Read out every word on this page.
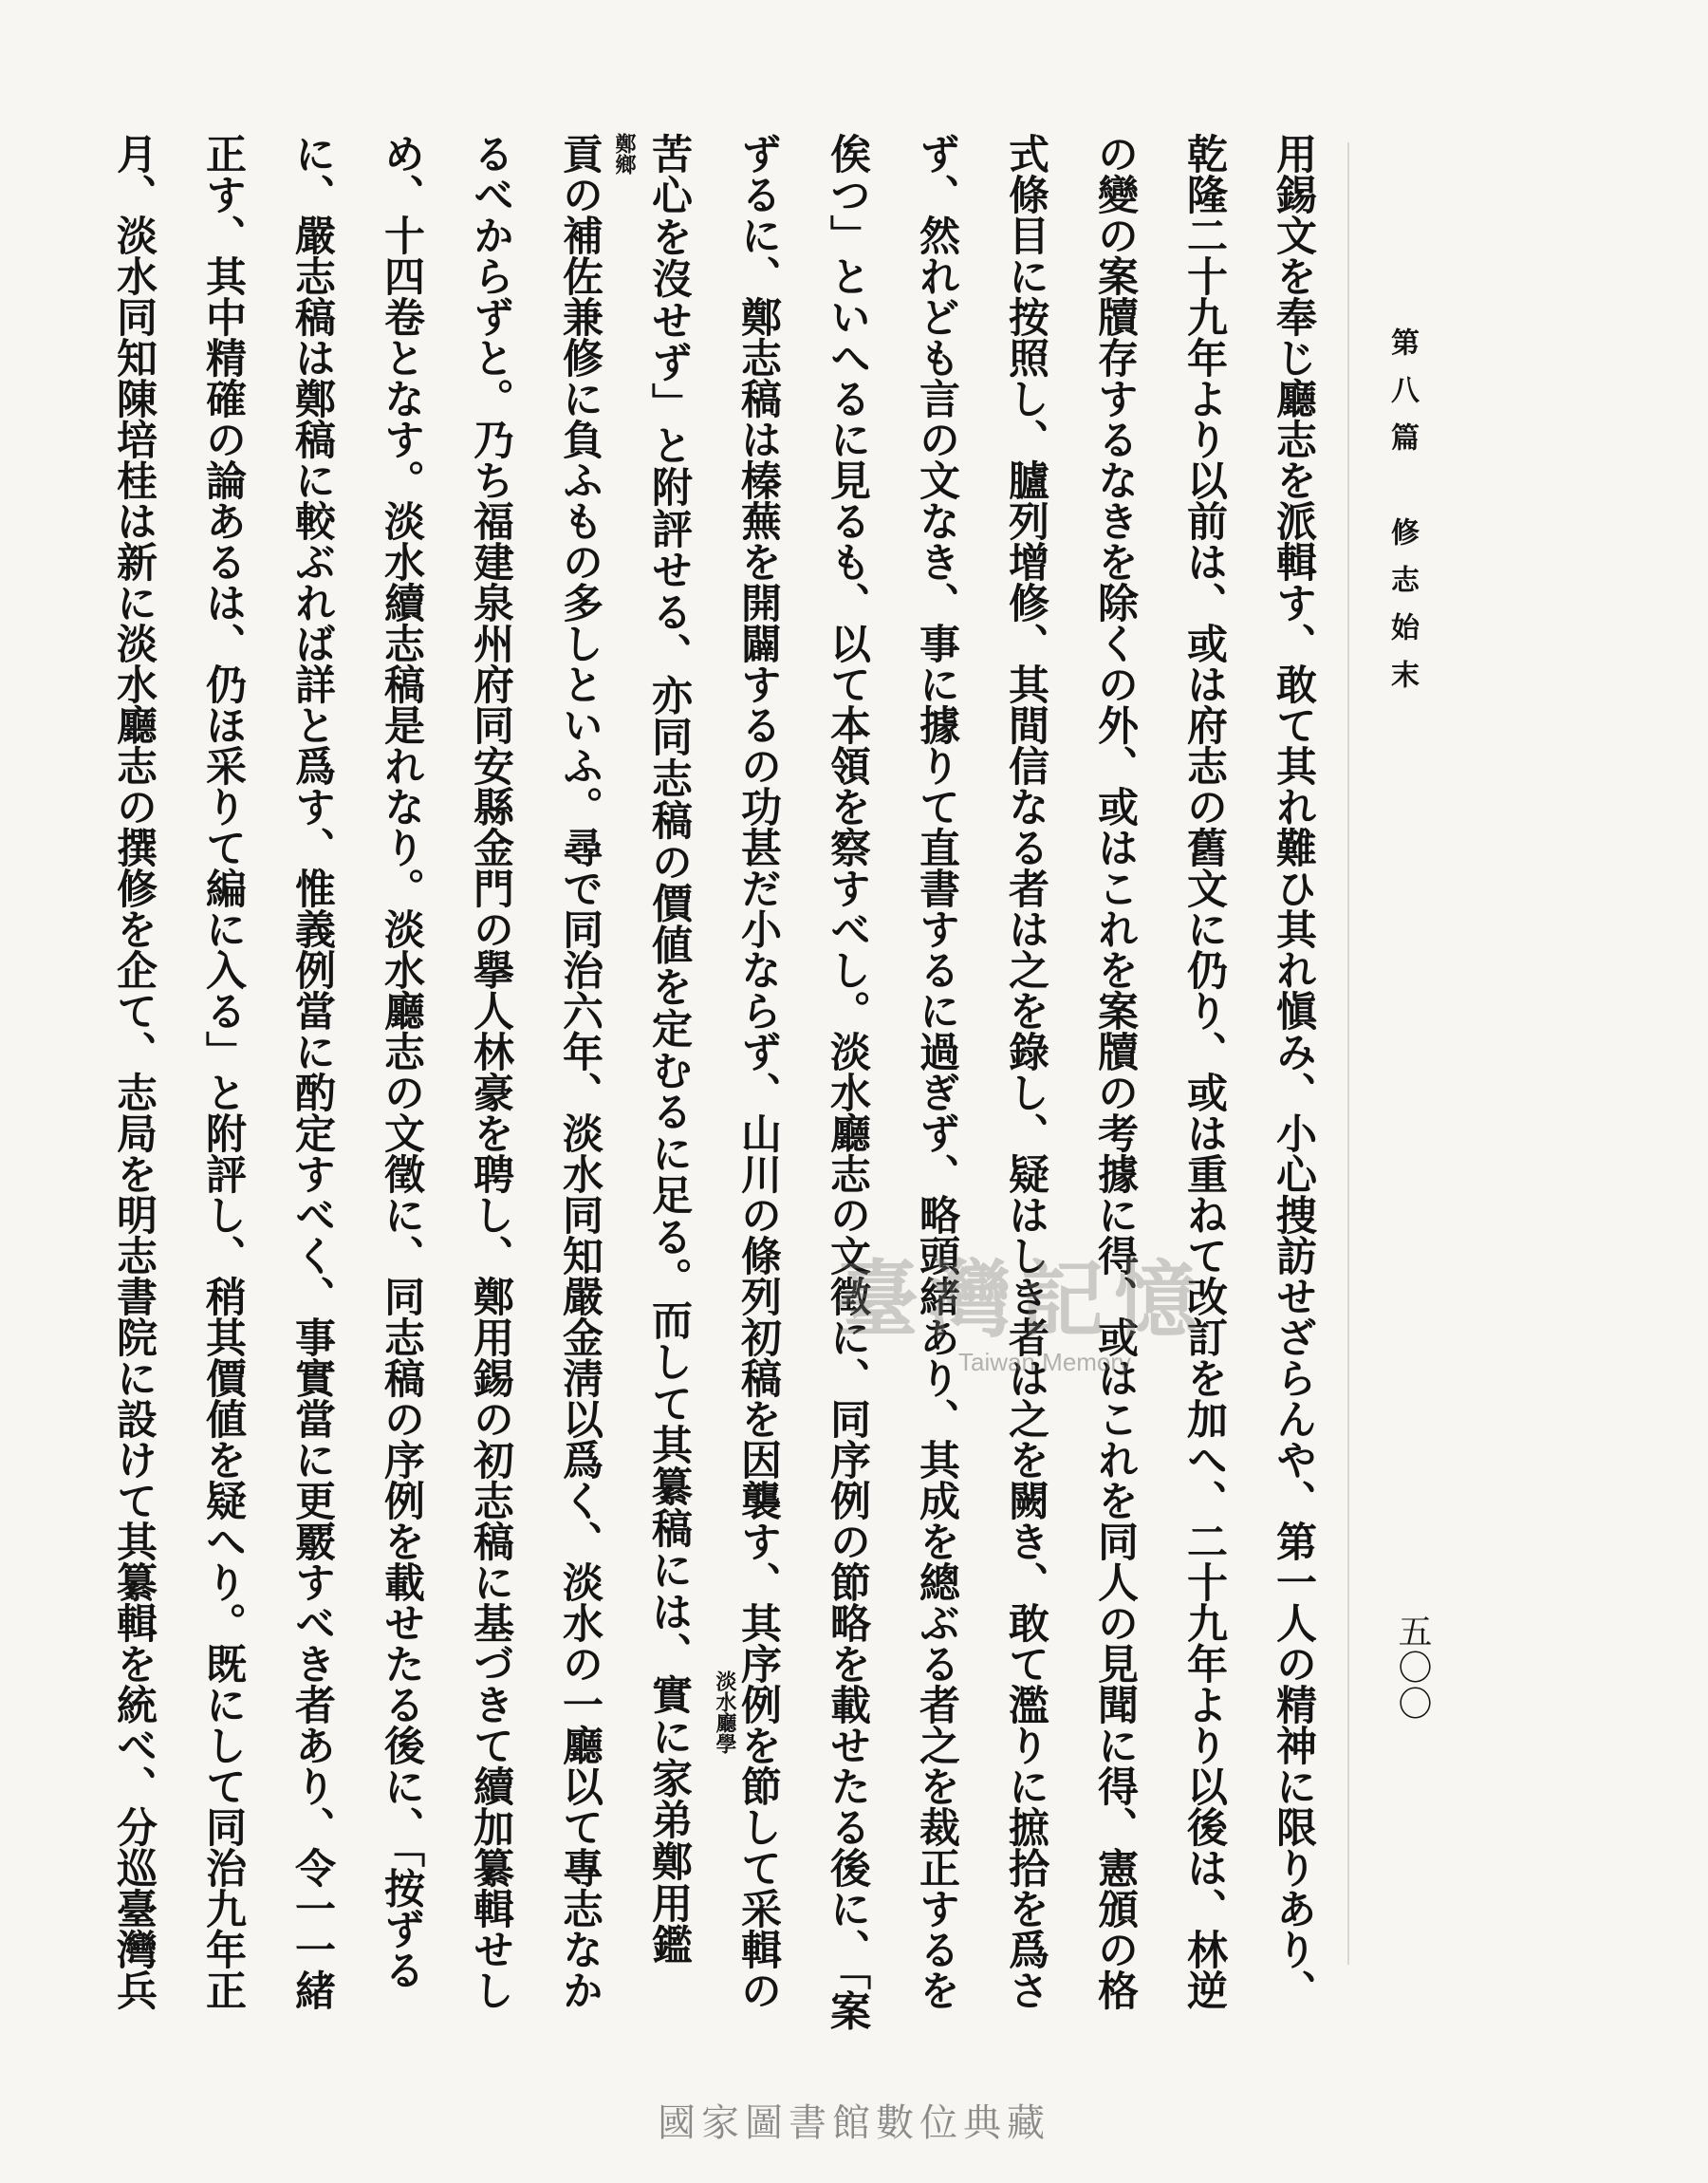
第八篇　修志始末
五〇〇
用錫文を奉じ廳志を派輯す、敢て其れ難ひ其れ愼み、小心捜訪せざらんや、第一人の精神に限りあり、
乾隆二十九年より以前は、或は府志の舊文に仍り、或は重ねて改訂を加へ、二十九年より以後は、林逆
の變の案牘存するなきを除くの外、或はこれを案牘の考據に得、或はこれを同人の見聞に得、憲頒の格
式條目に按照し、臚列增修、其間信なる者は之を錄し、疑はしき者は之を闕き、敢て濫りに摭拾を爲さ
ず、然れども言の文なき、事に據りて直書するに過ぎず、略頭緒あり、其成を總ぶる者之を裁正するを
俟つ」といへるに見るも、以て本領を察すべし。淡水廳志の文徵に、同序例の節略を載せたる後に、「案
ずるに、鄭志稿は榛蕪を開闢するの功甚だ小ならず、山川の條列初稿を因襲す、其序例を節して采輯の
苦心を沒せず」と附評せる、亦同志稿の價値を定むるに足る。而して其纂稿には、實に家弟鄭用鑑
貢の補佐兼修に負ふもの多しといふ。尋で同治六年、淡水同知嚴金淸以爲く、淡水の一廳以て專志なか
るべからずと。乃ち福建泉州府同安縣金門の擧人林豪を聘し、鄭用錫の初志稿に基づきて續加纂輯せし
め、十四卷となす。淡水續志稿是れなり。淡水廳志の文徵に、同志稿の序例を載せたる後に、「按ずる
に、嚴志稿は鄭稿に較ぶれば詳と爲す、惟義例當に酌定すべく、事實當に更覈すべき者あり、令一一緒
正す、其中精確の論あるは、仍ほ采りて編に入る」と附評し、稍其價値を疑へり。既にして同治九年正
月、淡水同知陳培桂は新に淡水廳志の撰修を企て、志局を明志書院に設けて其纂輯を統べ、分巡臺灣兵	鄭鄉
淡水廳學
臺灣記憶
Taiwan Memory
國家圖書館數位典藏
